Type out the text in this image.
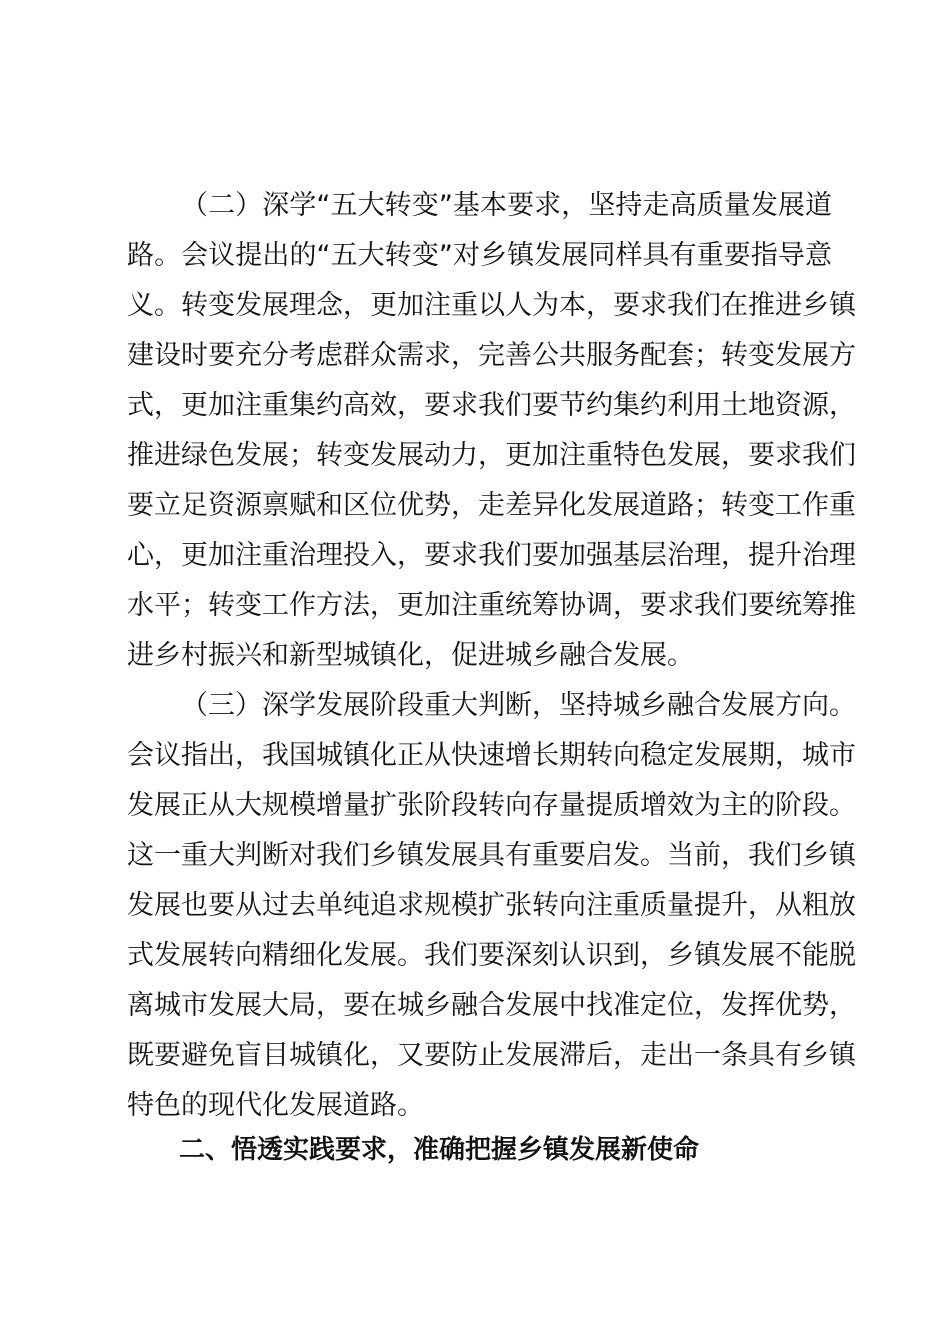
（二）深学“五大转变”基本要求，坚持走高质量发展道

路。会议提出的“五大转变”对乡镇发展同样具有重要指导意

义。转变发展理念，更加注重以人为本，要求我们在推进乡镇

建设时要充分考虑群众需求，完善公共服务配套；转变发展方

式，更加注重集约高效，要求我们要节约集约利用土地资源，

推进绿色发展；转变发展动力，更加注重特色发展，要求我们

要立足资源禀赋和区位优势，走差异化发展道路；转变工作重

心，更加注重治理投入，要求我们要加强基层治理，提升治理

水平；转变工作方法，更加注重统筹协调，要求我们要统筹推

进乡村振兴和新型城镇化，促进城乡融合发展。

（三）深学发展阶段重大判断，坚持城乡融合发展方向。

会议指出，我国城镇化正从快速增长期转向稳定发展期，城市

发展正从大规模增量扩张阶段转向存量提质增效为主的阶段。

这一重大判断对我们乡镇发展具有重要启发。当前，我们乡镇

发展也要从过去单纯追求规模扩张转向注重质量提升，从粗放

式发展转向精细化发展。我们要深刻认识到，乡镇发展不能脱

离城市发展大局，要在城乡融合发展中找准定位，发挥优势，

既要避免盲目城镇化，又要防止发展滞后，走出一条具有乡镇

特色的现代化发展道路。

二、悟透实践要求，准确把握乡镇发展新使命
